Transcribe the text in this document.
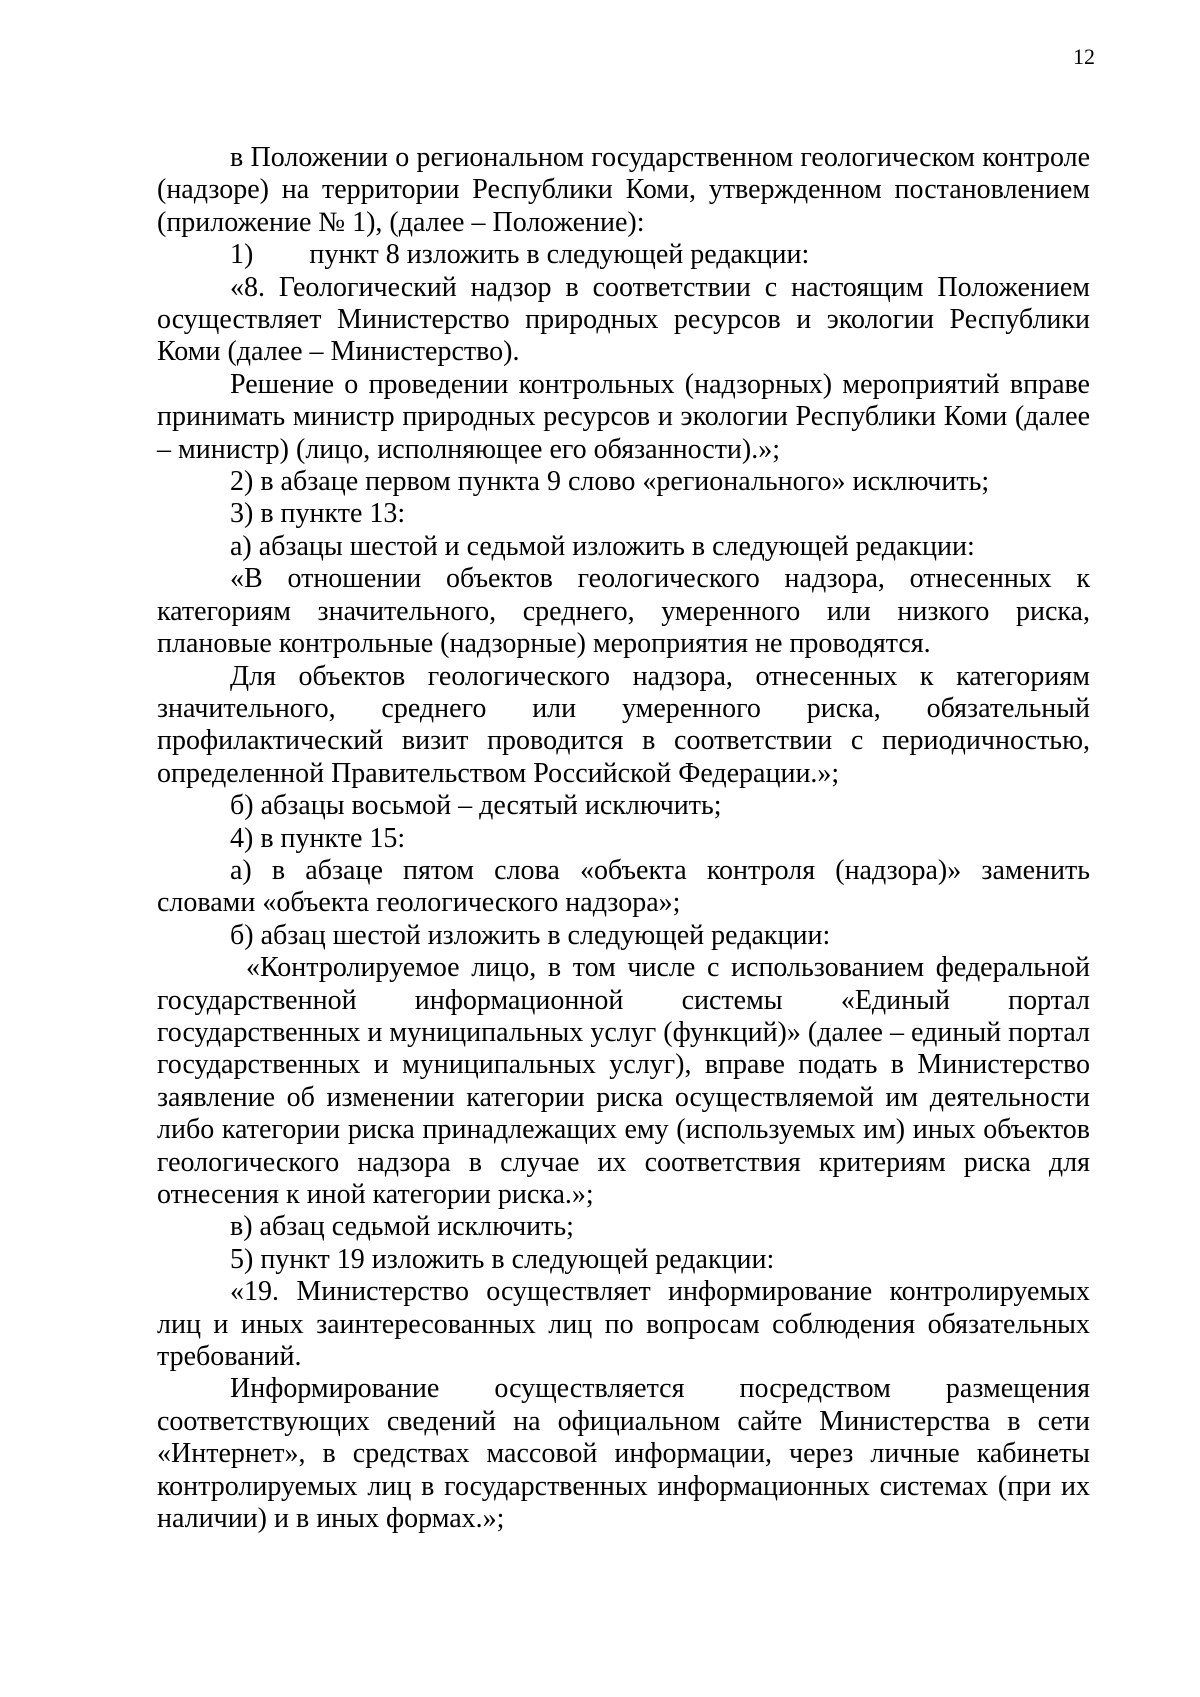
12

в Положении о региональном государственном геологическом контроле (надзоре) на территории Республики Коми, утвержденном постановлением (приложение № 1), (далее – Положение):

1) пункт 8 изложить в следующей редакции:

«8. Геологический надзор в соответствии с настоящим Положением осуществляет Министерство природных ресурсов и экологии Республики Коми (далее – Министерство).

Решение о проведении контрольных (надзорных) мероприятий вправе принимать министр природных ресурсов и экологии Республики Коми (далее – министр) (лицо, исполняющее его обязанности).»;

2) в абзаце первом пункта 9 слово «регионального» исключить;

3) в пункте 13:

а) абзацы шестой и седьмой изложить в следующей редакции:

«В отношении объектов геологического надзора, отнесенных к категориям значительного, среднего, умеренного или низкого риска, плановые контрольные (надзорные) мероприятия не проводятся.

Для объектов геологического надзора, отнесенных к категориям значительного, среднего или умеренного риска, обязательный профилактический визит проводится в соответствии с периодичностью, определенной Правительством Российской Федерации.»;

б) абзацы восьмой – десятый исключить;

4) в пункте 15:

а) в абзаце пятом слова «объекта контроля (надзора)» заменить словами «объекта геологического надзора»;

б) абзац шестой изложить в следующей редакции:

«Контролируемое лицо, в том числе с использованием федеральной государственной информационной системы «Единый портал государственных и муниципальных услуг (функций)» (далее – единый портал государственных и муниципальных услуг), вправе подать в Министерство заявление об изменении категории риска осуществляемой им деятельности либо категории риска принадлежащих ему (используемых им) иных объектов геологического надзора в случае их соответствия критериям риска для отнесения к иной категории риска.»;

в) абзац седьмой исключить;

5) пункт 19 изложить в следующей редакции:

«19. Министерство осуществляет информирование контролируемых лиц и иных заинтересованных лиц по вопросам соблюдения обязательных требований.

Информирование осуществляется посредством размещения соответствующих сведений на официальном сайте Министерства в сети «Интернет», в средствах массовой информации, через личные кабинеты контролируемых лиц в государственных информационных системах (при их наличии) и в иных формах.»;
